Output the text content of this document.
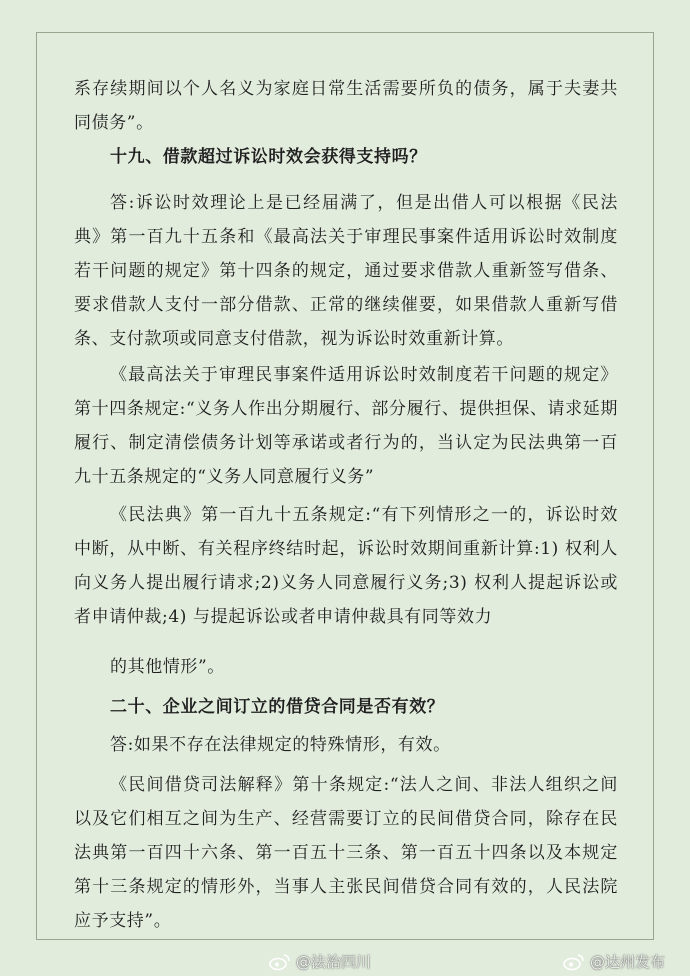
系存续期间以个人名义为家庭日常生活需要所负的债务，属于夫妻共同债务”。

十九、借款超过诉讼时效会获得支持吗？

答:诉讼时效理论上是已经届满了，但是出借人可以根据《民法典》第一百九十五条和《最高法关于审理民事案件适用诉讼时效制度若干问题的规定》第十四条的规定，通过要求借款人重新签写借条、要求借款人支付一部分借款、正常的继续催要，如果借款人重新写借条、支付款项或同意支付借款，视为诉讼时效重新计算。

《最高法关于审理民事案件适用诉讼时效制度若干问题的规定》第十四条规定:“义务人作出分期履行、部分履行、提供担保、请求延期履行、制定清偿债务计划等承诺或者行为的，当认定为民法典第一百九十五条规定的“义务人同意履行义务”

《民法典》第一百九十五条规定:“有下列情形之一的，诉讼时效中断，从中断、有关程序终结时起，诉讼时效期间重新计算:1) 权利人向义务人提出履行请求;2)义务人同意履行义务;3) 权利人提起诉讼或者申请仲裁;4) 与提起诉讼或者申请仲裁具有同等效力

的其他情形”。

二十、企业之间订立的借贷合同是否有效？

答:如果不存在法律规定的特殊情形，有效。

《民间借贷司法解释》第十条规定:“法人之间、非法人组织之间以及它们相互之间为生产、经营需要订立的民间借贷合同，除存在民法典第一百四十六条、第一百五十三条、第一百五十四条以及本规定第十三条规定的情形外，当事人主张民间借贷合同有效的，人民法院应予支持”。

@法治四川	@达州发布
